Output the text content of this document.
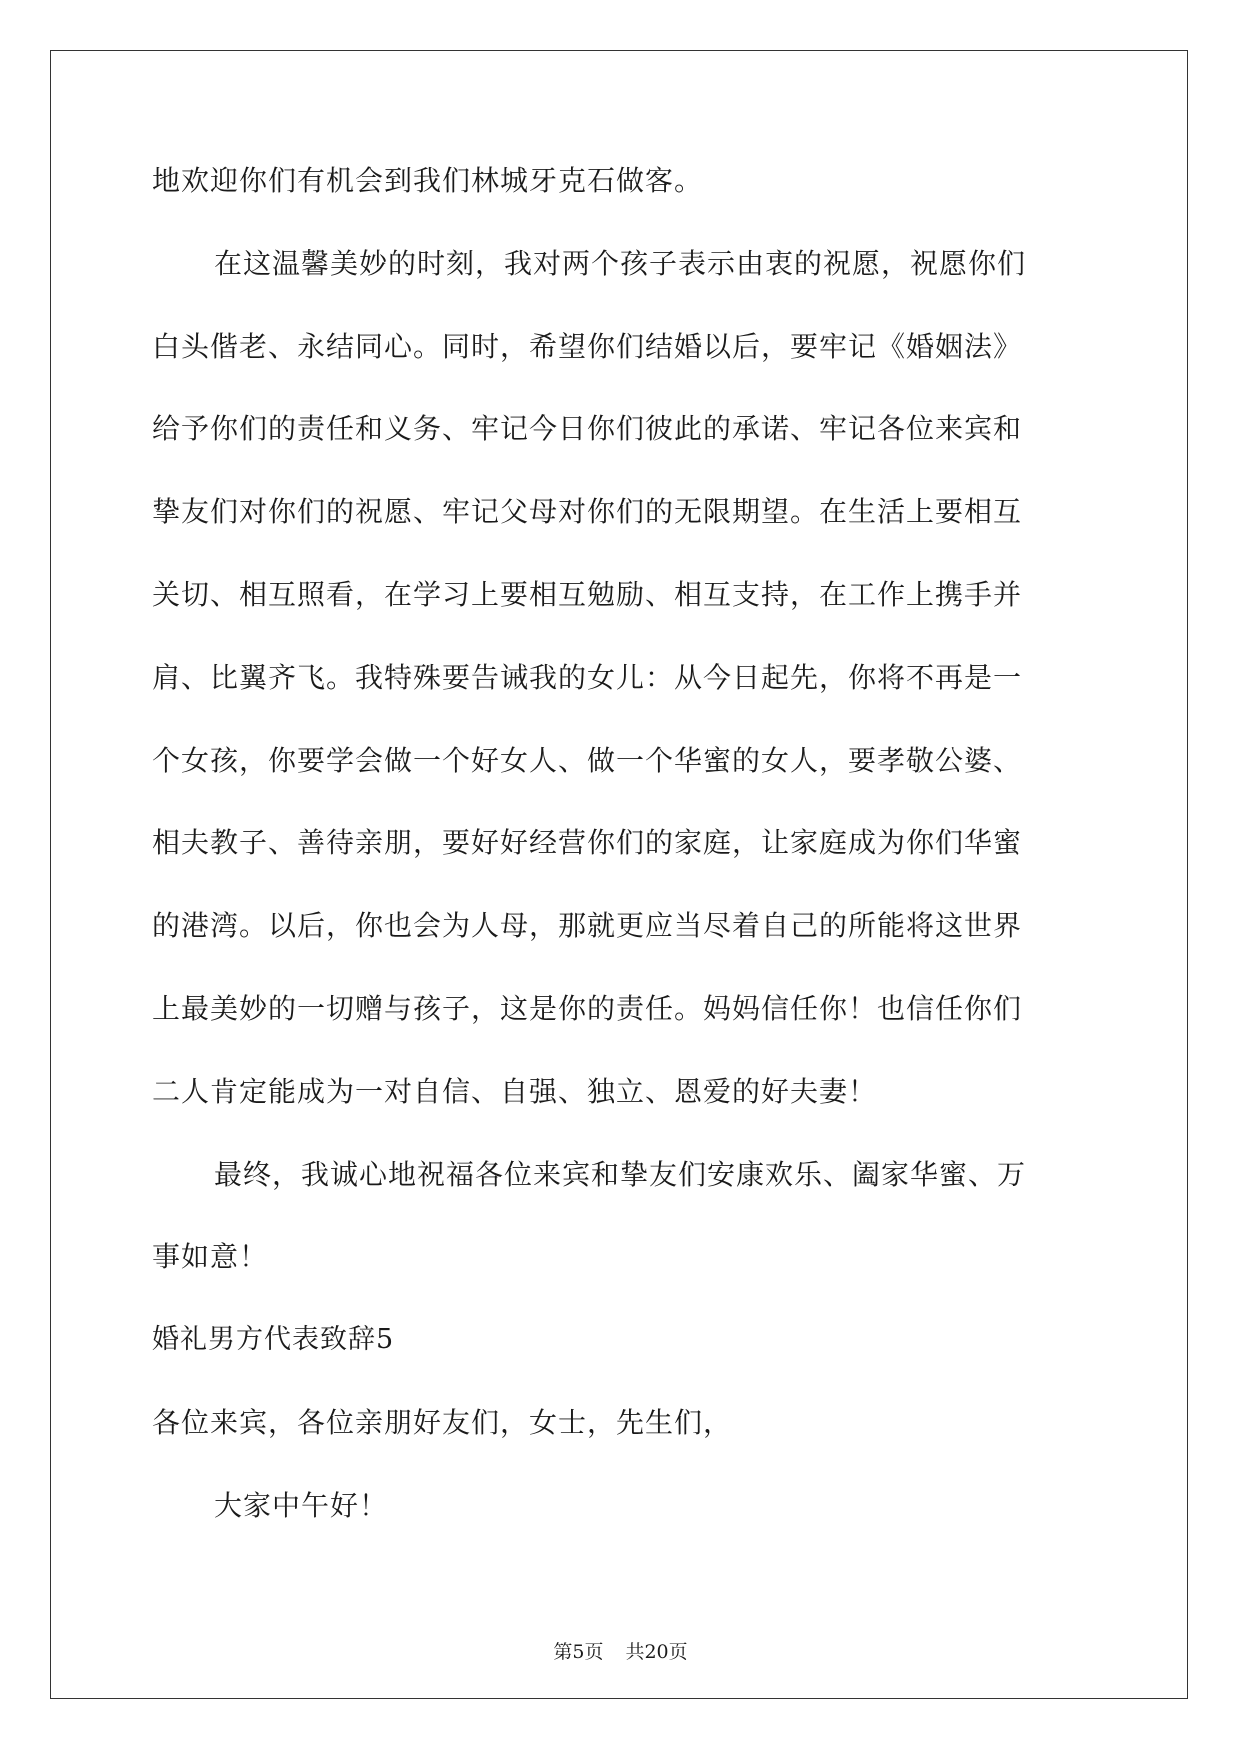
地欢迎你们有机会到我们林城牙克石做客。
在这温馨美妙的时刻，我对两个孩子表示由衷的祝愿，祝愿你们
白头偕老、永结同心。同时，希望你们结婚以后，要牢记《婚姻法》
给予你们的责任和义务、牢记今日你们彼此的承诺、牢记各位来宾和
挚友们对你们的祝愿、牢记父母对你们的无限期望。在生活上要相互
关切、相互照看，在学习上要相互勉励、相互支持，在工作上携手并
肩、比翼齐飞。我特殊要告诫我的女儿：从今日起先，你将不再是一
个女孩，你要学会做一个好女人、做一个华蜜的女人，要孝敬公婆、
相夫教子、善待亲朋，要好好经营你们的家庭，让家庭成为你们华蜜
的港湾。以后，你也会为人母，那就更应当尽着自己的所能将这世界
上最美妙的一切赠与孩子，这是你的责任。妈妈信任你！也信任你们
二人肯定能成为一对自信、自强、独立、恩爱的好夫妻！
最终，我诚心地祝福各位来宾和挚友们安康欢乐、阖家华蜜、万
事如意！
婚礼男方代表致辞5
各位来宾，各位亲朋好友们，女士，先生们，
大家中午好！
第5页 共20页
